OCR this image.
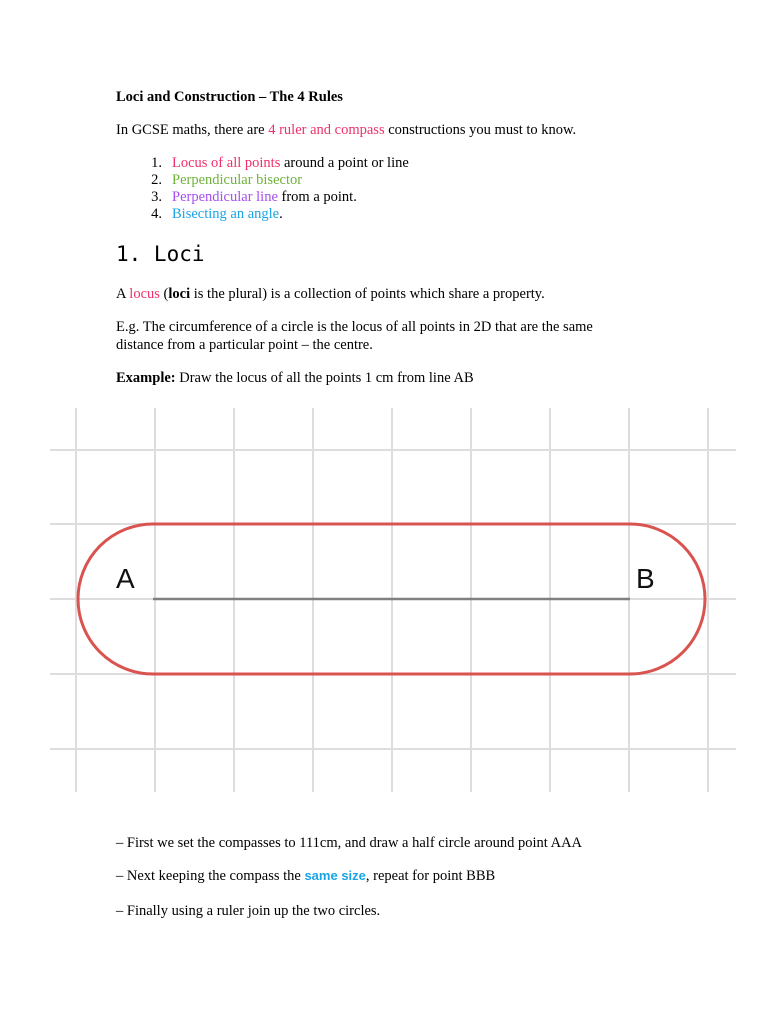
Loci and Construction – The 4 Rules

In GCSE maths, there are 4 ruler and compass constructions you must to know.

1. Locus of all points around a point or line
2. Perpendicular bisector
3. Perpendicular line from a point.
4. Bisecting an angle.
1. Loci

A locus (loci is the plural) is a collection of points which share a property.

E.g. The circumference of a circle is the locus of all points in 2D that are the same

distance from a particular point – the centre.

Example: Draw the locus of all the points 1 cm from line AB

A	B

– First we set the compasses to 111cm, and draw a half circle around point AAA

– Next keeping the compass the same size, repeat for point BBB

– Finally using a ruler join up the two circles.
